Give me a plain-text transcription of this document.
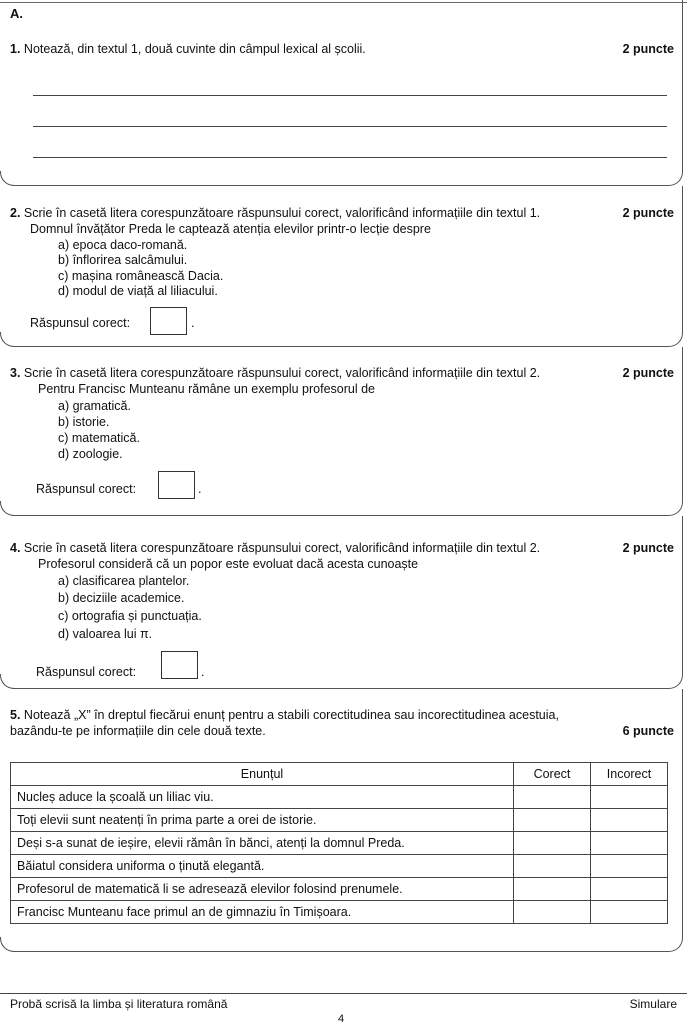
A.
1. Notează, din textul 1, două cuvinte din câmpul lexical al școlii.	2 puncte
2. Scrie în casetă litera corespunzătoare răspunsului corect, valorificând informațiile din textul 1.	2 puncte
Domnul învățător Preda le captează atenția elevilor printr-o lecție despre
a) epoca daco-romană.
b) înflorirea salcâmului.
c) mașina românească Dacia.
d) modul de viață al liliacului.
Răspunsul corect:	.
3. Scrie în casetă litera corespunzătoare răspunsului corect, valorificând informațiile din textul 2.	2 puncte
Pentru Francisc Munteanu rămâne un exemplu profesorul de
a) gramatică.
b) istorie.
c) matematică.
d) zoologie.
Răspunsul corect:	.
4. Scrie în casetă litera corespunzătoare răspunsului corect, valorificând informațiile din textul 2.	2 puncte
Profesorul consideră că un popor este evoluat dacă acesta cunoaște
a) clasificarea plantelor.
b) deciziile academice.
c) ortografia și punctuația.
d) valoarea lui π.
Răspunsul corect:	.
5. Notează „X” în dreptul fiecărui enunț pentru a stabili corectitudinea sau incorectitudinea acestuia,
bazându-te pe informațiile din cele două texte.	6 puncte
Enunțul	Corect	Incorect
Nucleș aduce la școală un liliac viu.		
Toți elevii sunt neatenți în prima parte a orei de istorie.		
Deși s-a sunat de ieșire, elevii rămân în bănci, atenți la domnul Preda.		
Băiatul considera uniforma o ținută elegantă.		
Profesorul de matematică li se adresează elevilor folosind prenumele.		
Francisc Munteanu face primul an de gimnaziu în Timișoara.		
Probă scrisă la limba și literatura română	Simulare
4
